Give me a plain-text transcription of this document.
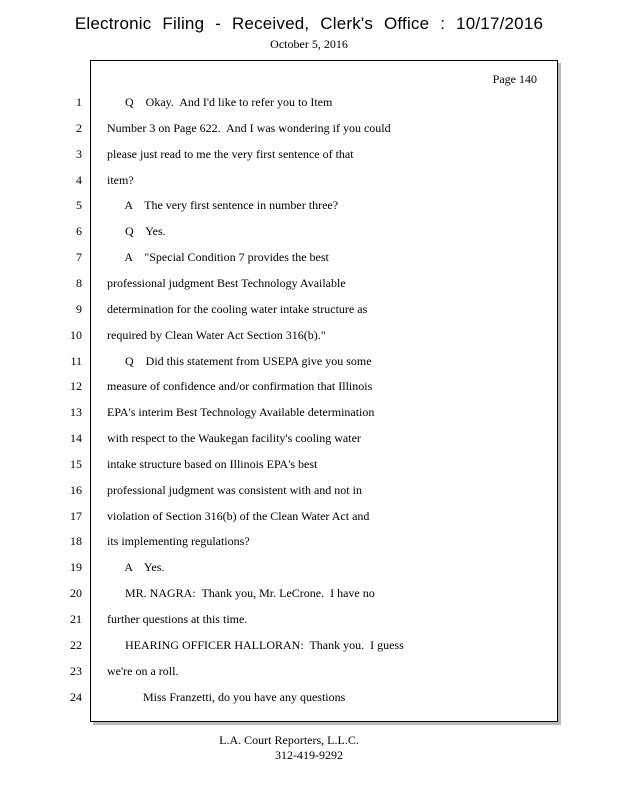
Electronic Filing - Received, Clerk's Office : 10/17/2016
October 5, 2016
Page 140
1 Q    Okay.  And I'd like to refer you to Item
2 Number 3 on Page 622.  And I was wondering if you could
3 please just read to me the very first sentence of that
4 item?
5 A    The very first sentence in number three?
6 Q    Yes.
7 A    "Special Condition 7 provides the best
8 professional judgment Best Technology Available
9 determination for the cooling water intake structure as
10 required by Clean Water Act Section 316(b)."
11 Q    Did this statement from USEPA give you some
12 measure of confidence and/or confirmation that Illinois
13 EPA's interim Best Technology Available determination
14 with respect to the Waukegan facility's cooling water
15 intake structure based on Illinois EPA's best
16 professional judgment was consistent with and not in
17 violation of Section 316(b) of the Clean Water Act and
18 its implementing regulations?
19 A    Yes.
20 MR. NAGRA:  Thank you, Mr. LeCrone.  I have no
21 further questions at this time.
22 HEARING OFFICER HALLORAN:  Thank you.  I guess
23 we're on a roll.
24 Miss Franzetti, do you have any questions
L.A. Court Reporters, L.L.C.
312-419-9292
